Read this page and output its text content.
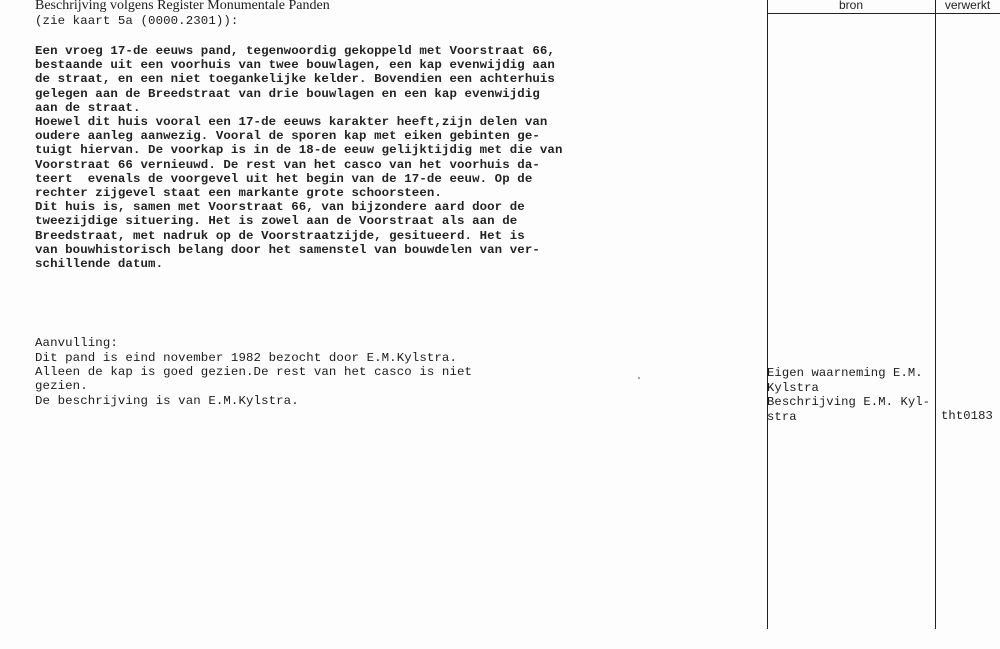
Beschrijving volgens Register Monumentale Panden
(zie kaart 5a (0000.2301)):
Een vroeg 17-de eeuws pand, tegenwoordig gekoppeld met Voorstraat 66,
bestaande uit een voorhuis van twee bouwlagen, een kap evenwijdig aan
de straat, en een niet toegankelijke kelder. Bovendien een achterhuis
gelegen aan de Breedstraat van drie bouwlagen en een kap evenwijdig
aan de straat.
Hoewel dit huis vooral een 17-de eeuws karakter heeft,zijn delen van
oudere aanleg aanwezig. Vooral de sporen kap met eiken gebinten ge-
tuigt hiervan. De voorkap is in de 18-de eeuw gelijktijdig met die van
Voorstraat 66 vernieuwd. De rest van het casco van het voorhuis da-
teert  evenals de voorgevel uit het begin van de 17-de eeuw. Op de
rechter zijgevel staat een markante grote schoorsteen.
Dit huis is, samen met Voorstraat 66, van bijzondere aard door de
tweezijdige situering. Het is zowel aan de Voorstraat als aan de
Breedstraat, met nadruk op de Voorstraatzijde, gesitueerd. Het is
van bouwhistorisch belang door het samenstel van bouwdelen van ver-
schillende datum.
Aanvulling:
Dit pand is eind november 1982 bezocht door E.M.Kylstra.
Alleen de kap is goed gezien.De rest van het casco is niet
gezien.
De beschrijving is van E.M.Kylstra.
bron	verwerkt
Eigen waarneming E.M.
Kylstra
Beschrijving E.M. Kyl-
stra	tht0183
